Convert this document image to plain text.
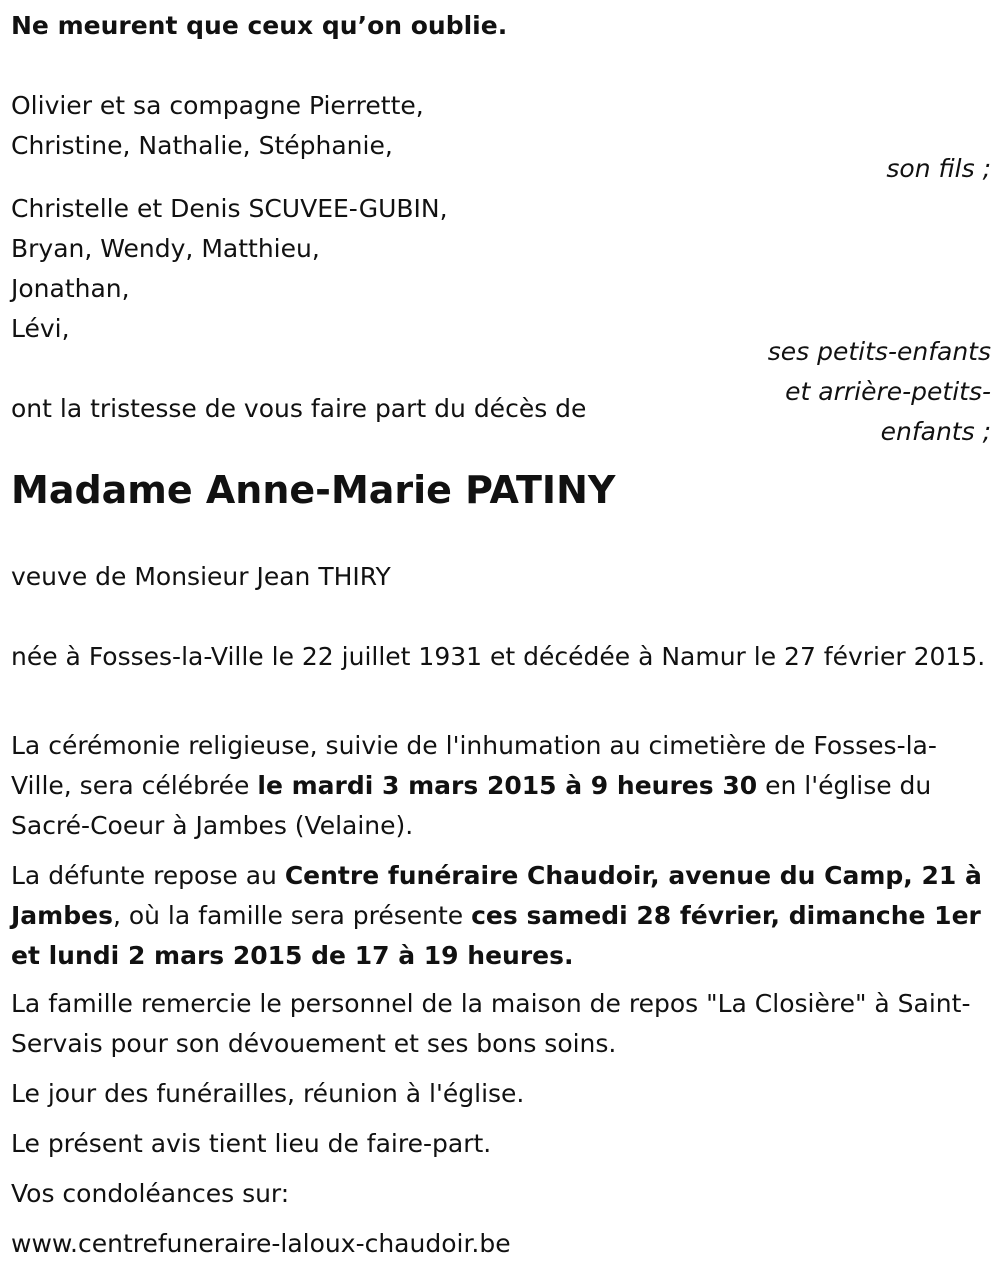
Ne meurent que ceux qu’on oublie.
Olivier et sa compagne Pierrette,
Christine, Nathalie, Stéphanie,
son fils ;
Christelle et Denis SCUVEE-GUBIN,
Bryan, Wendy, Matthieu,
Jonathan,
Lévi,
ses petits-enfants
et arrière-petits-
enfants ;
ont la tristesse de vous faire part du décès de
Madame Anne-Marie PATINY
veuve de Monsieur Jean THIRY
née à Fosses-la-Ville le 22 juillet 1931 et décédée à Namur le 27 février 2015.
La cérémonie religieuse, suivie de l'inhumation au cimetière de Fosses-la-Ville, sera célébrée le mardi 3 mars 2015 à 9 heures 30 en l'église du Sacré-Coeur à Jambes (Velaine).
La défunte repose au Centre funéraire Chaudoir, avenue du Camp, 21 à Jambes, où la famille sera présente ces samedi 28 février, dimanche 1er et lundi 2 mars 2015 de 17 à 19 heures.
La famille remercie le personnel de la maison de repos "La Closière" à Saint-Servais pour son dévouement et ses bons soins.
Le jour des funérailles, réunion à l'église.
Le présent avis tient lieu de faire-part.
Vos condoléances sur:
www.centrefuneraire-laloux-chaudoir.be
